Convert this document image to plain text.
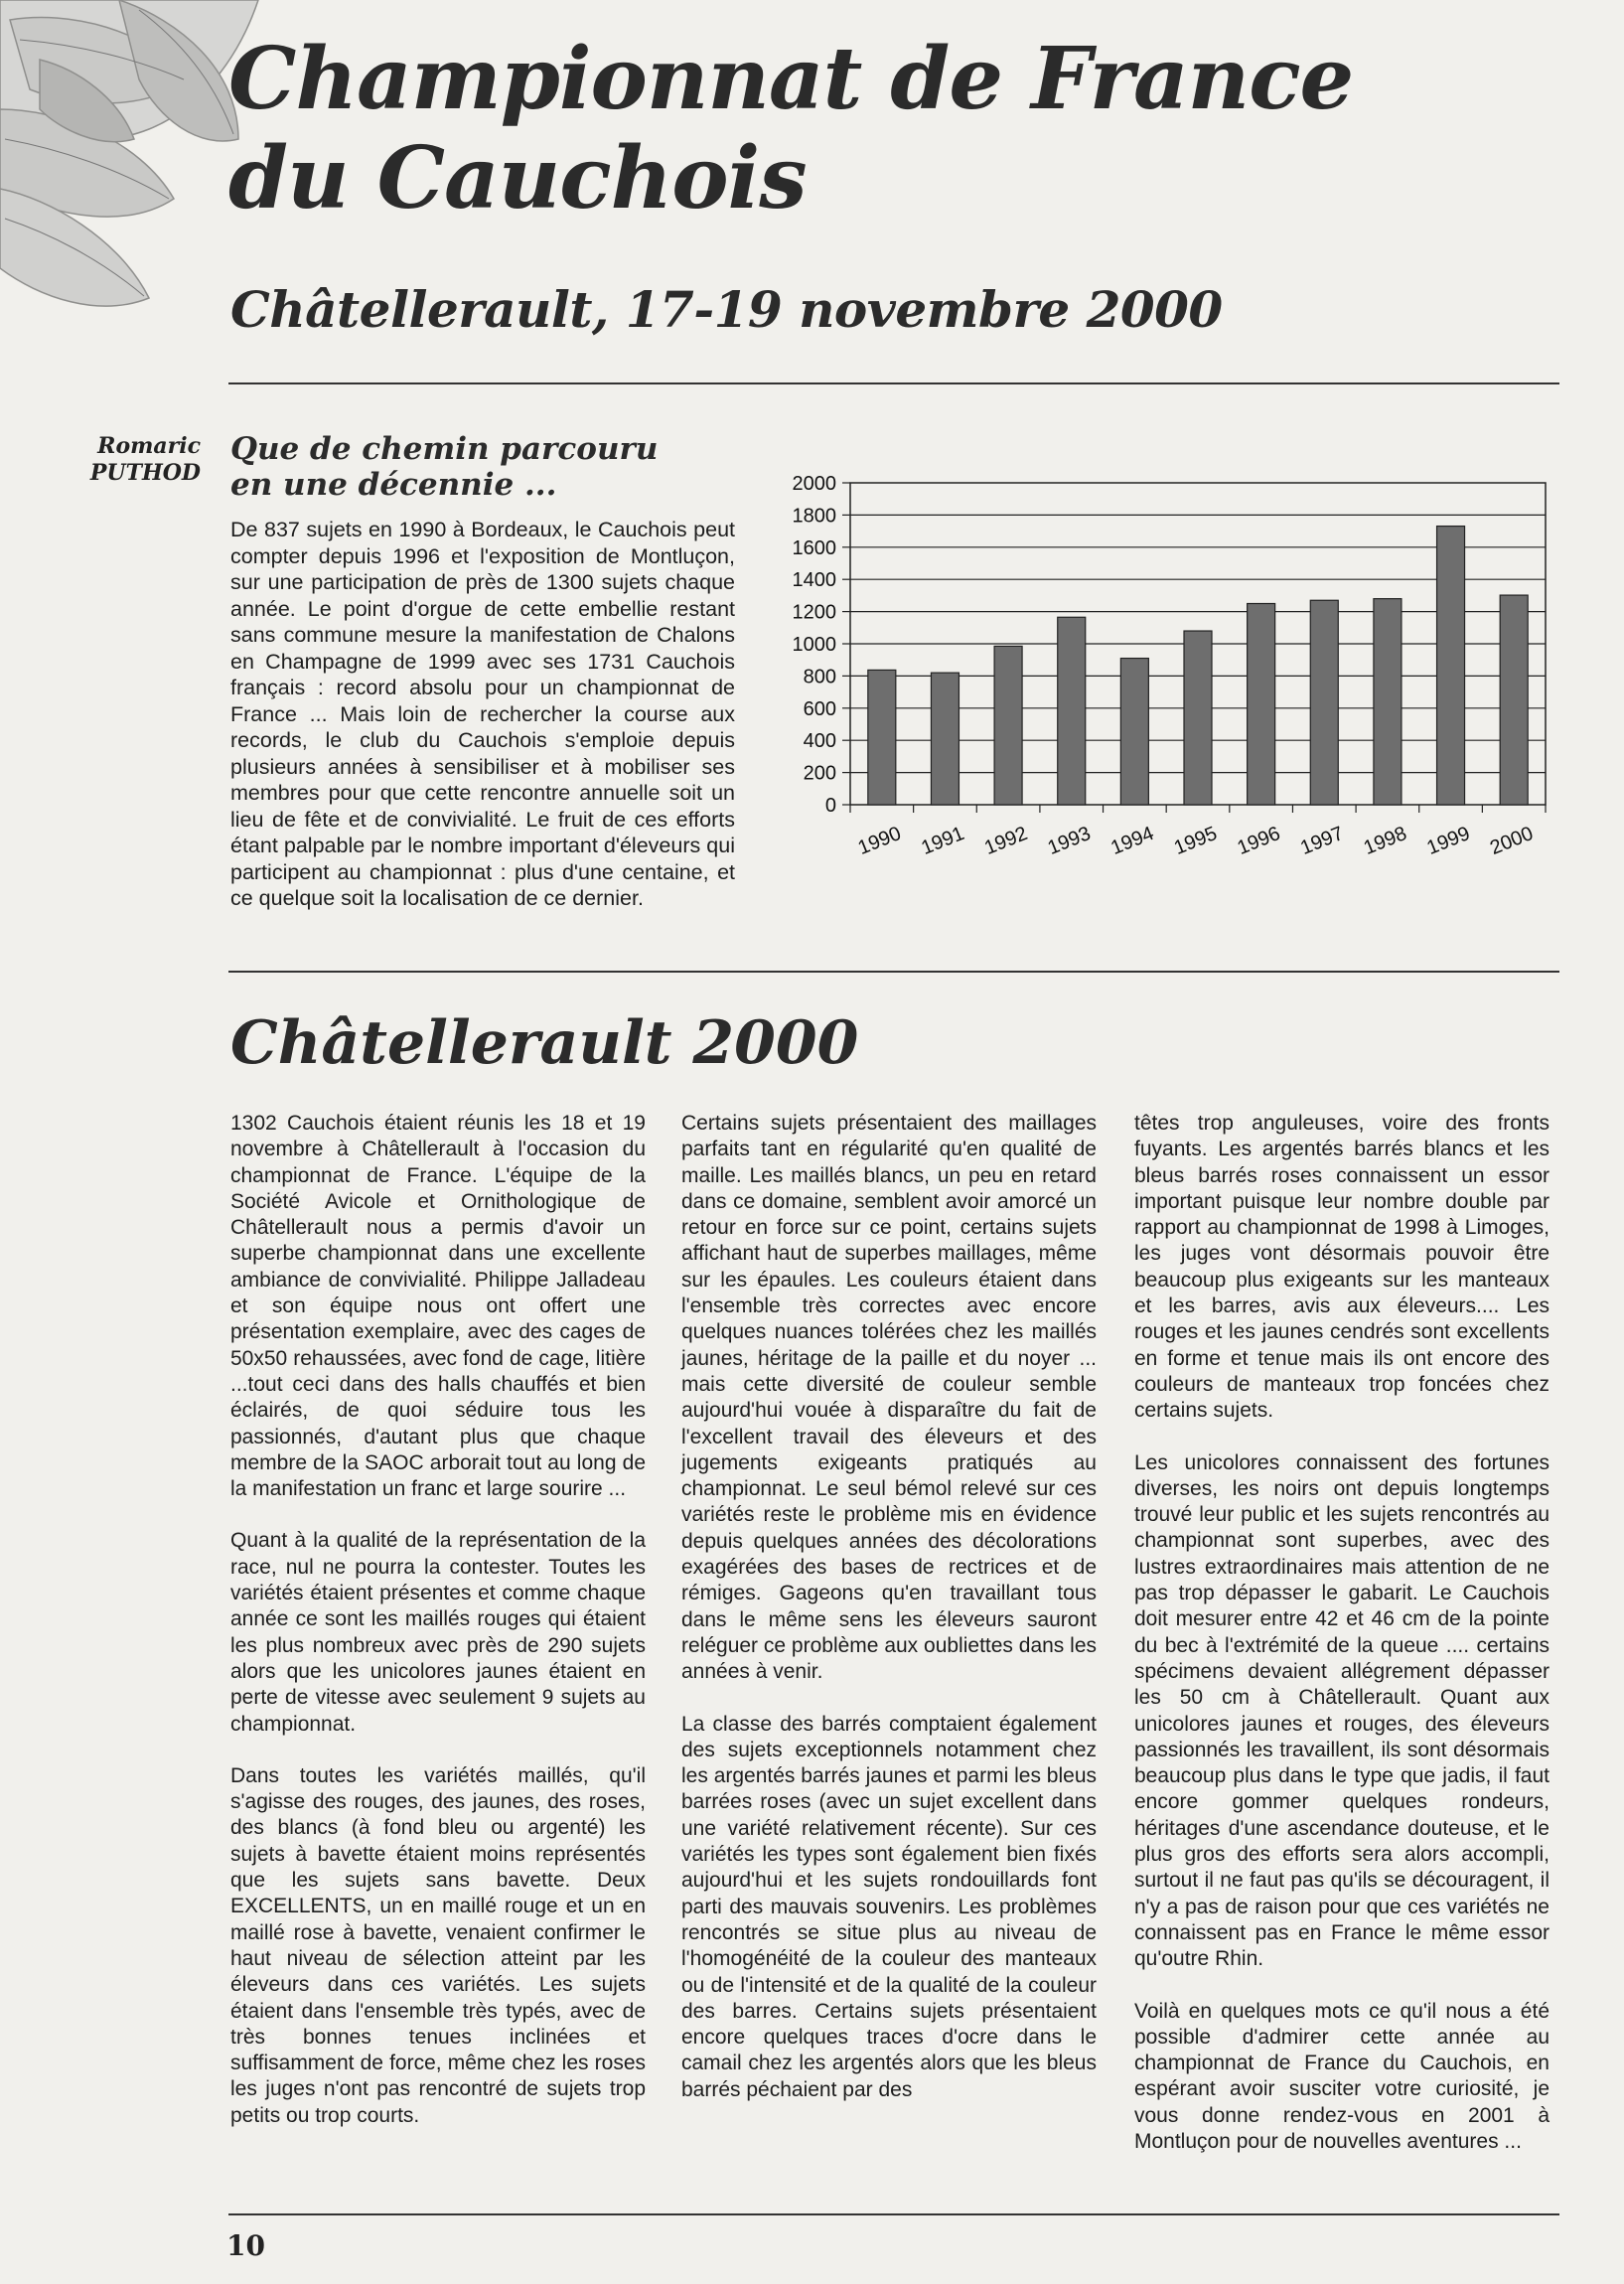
Championnat de France
du Cauchois
Châtellerault, 17-19 novembre 2000
Romaric
PUTHOD
Que de chemin parcouru
en une décennie ...

De 837 sujets en 1990 à Bordeaux, le Cauchois peut compter depuis 1996 et l'exposition de Montluçon, sur une participation de près de 1300 sujets chaque année. Le point d'orgue de cette embellie restant sans commune mesure la manifestation de Chalons en Champagne de 1999 avec ses 1731 Cauchois français : record absolu pour un championnat de France ... Mais loin de rechercher la course aux records, le club du Cauchois s'emploie depuis plusieurs années à sensibiliser et à mobiliser ses membres pour que cette rencontre annuelle soit un lieu de fête et de convivialité. Le fruit de ces efforts étant palpable par le nombre important d'éleveurs qui participent au championnat : plus d'une centaine, et ce quelque soit la localisation de ce dernier.

0
200
400
600
800
1000
1200
1400
1600
1800
2000
1990 1991 1992 1993 1994 1995 1996 1997 1998 1999 2000
Châtellerault 2000

1302 Cauchois étaient réunis les 18 et 19 novembre à Châtellerault à l'occasion du championnat de France. L'équipe de la Société Avicole et Ornithologique de Châtellerault nous a permis d'avoir un superbe championnat dans une excellente ambiance de convivialité. Philippe Jalladeau et son équipe nous ont offert une présentation exemplaire, avec des cages de 50x50 rehaussées, avec fond de cage, litière ...tout ceci dans des halls chauffés et bien éclairés, de quoi séduire tous les passionnés, d'autant plus que chaque membre de la SAOC arborait tout au long de la manifestation un franc et large sourire ...

Quant à la qualité de la représentation de la race, nul ne pourra la contester. Toutes les variétés étaient présentes et comme chaque année ce sont les maillés rouges qui étaient les plus nombreux avec près de 290 sujets alors que les unicolores jaunes étaient en perte de vitesse avec seulement 9 sujets au championnat.

Dans toutes les variétés maillés, qu'il s'agisse des rouges, des jaunes, des roses, des blancs (à fond bleu ou argenté) les sujets à bavette étaient moins représentés que les sujets sans bavette. Deux EXCELLENTS, un en maillé rouge et un en maillé rose à bavette, venaient confirmer le haut niveau de sélection atteint par les éleveurs dans ces variétés. Les sujets étaient dans l'ensemble très typés, avec de très bonnes tenues inclinées et suffisamment de force, même chez les roses les juges n'ont pas rencontré de sujets trop petits ou trop courts.

Certains sujets présentaient des maillages parfaits tant en régularité qu'en qualité de maille. Les maillés blancs, un peu en retard dans ce domaine, semblent avoir amorcé un retour en force sur ce point, certains sujets affichant haut de superbes maillages, même sur les épaules. Les couleurs étaient dans l'ensemble très correctes avec encore quelques nuances tolérées chez les maillés jaunes, héritage de la paille et du noyer ... mais cette diversité de couleur semble aujourd'hui vouée à disparaître du fait de l'excellent travail des éleveurs et des jugements exigeants pratiqués au championnat. Le seul bémol relevé sur ces variétés reste le problème mis en évidence depuis quelques années des décolorations exagérées des bases de rectrices et de rémiges. Gageons qu'en travaillant tous dans le même sens les éleveurs sauront reléguer ce problème aux oubliettes dans les années à venir.

La classe des barrés comptaient également des sujets exceptionnels notamment chez les argentés barrés jaunes et parmi les bleus barrées roses (avec un sujet excellent dans une variété relativement récente). Sur ces variétés les types sont également bien fixés aujourd'hui et les sujets rondouillards font parti des mauvais souvenirs. Les problèmes rencontrés se situe plus au niveau de l'homogénéité de la couleur des manteaux ou de l'intensité et de la qualité de la couleur des barres. Certains sujets présentaient encore quelques traces d'ocre dans le camail chez les argentés alors que les bleus barrés péchaient par des

têtes trop anguleuses, voire des fronts fuyants. Les argentés barrés blancs et les bleus barrés roses connaissent un essor important puisque leur nombre double par rapport au championnat de 1998 à Limoges, les juges vont désormais pouvoir être beaucoup plus exigeants sur les manteaux et les barres, avis aux éleveurs.... Les rouges et les jaunes cendrés sont excellents en forme et tenue mais ils ont encore des couleurs de manteaux trop foncées chez certains sujets.

Les unicolores connaissent des fortunes diverses, les noirs ont depuis longtemps trouvé leur public et les sujets rencontrés au championnat sont superbes, avec des lustres extraordinaires mais attention de ne pas trop dépasser le gabarit. Le Cauchois doit mesurer entre 42 et 46 cm de la pointe du bec à l'extrémité de la queue .... certains spécimens devaient allégrement dépasser les 50 cm à Châtellerault. Quant aux unicolores jaunes et rouges, des éleveurs passionnés les travaillent, ils sont désormais beaucoup plus dans le type que jadis, il faut encore gommer quelques rondeurs, héritages d'une ascendance douteuse, et le plus gros des efforts sera alors accompli, surtout il ne faut pas qu'ils se découragent, il n'y a pas de raison pour que ces variétés ne connaissent pas en France le même essor qu'outre Rhin.

Voilà en quelques mots ce qu'il nous a été possible d'admirer cette année au championnat de France du Cauchois, en espérant avoir susciter votre curiosité, je vous donne rendez-vous en 2001 à Montluçon pour de nouvelles aventures ...

10
